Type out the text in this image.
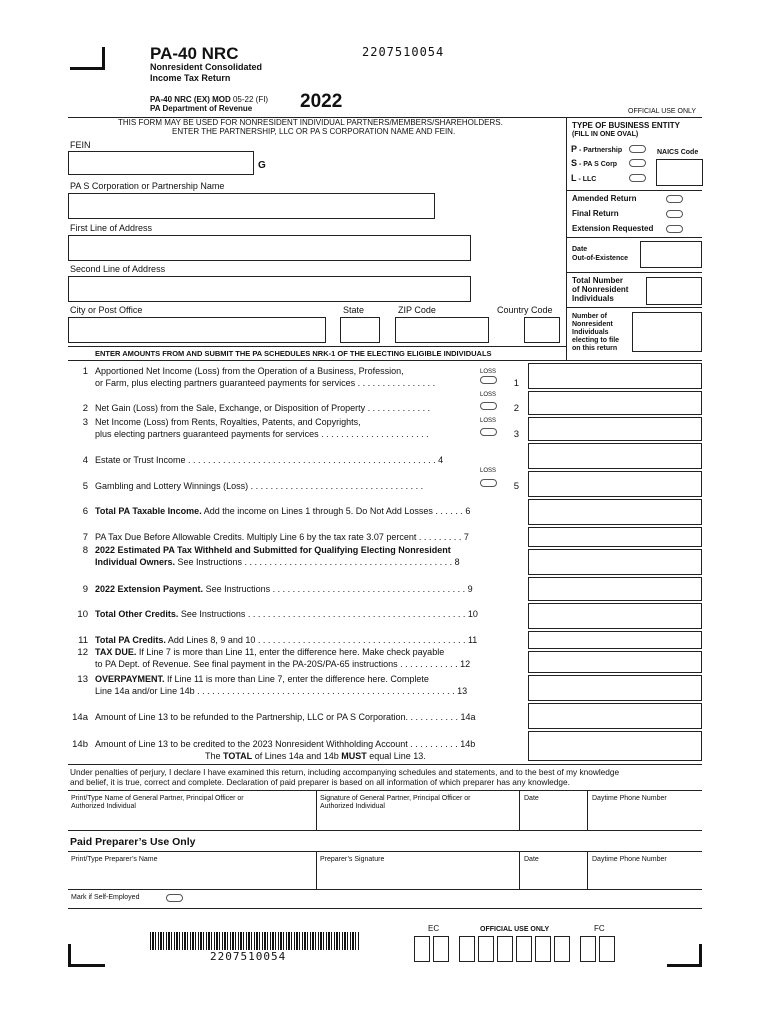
2207510054
PA-40 NRC
Nonresident Consolidated
Income Tax Return
PA-40 NRC (EX) MOD 05-22 (FI)
PA Department of Revenue	2022	OFFICIAL USE ONLY
THIS FORM MAY BE USED FOR NONRESIDENT INDIVIDUAL PARTNERS/MEMBERS/SHAREHOLDERS.
ENTER THE PARTNERSHIP, LLC OR PA S CORPORATION NAME AND FEIN.
FEIN
G
PA S Corporation or Partnership Name
First Line of Address
Second Line of Address
City or Post Office	State	ZIP Code	Country Code
TYPE OF BUSINESS ENTITY
(FILL IN ONE OVAL)
P - Partnership	NAICS Code
S - PA S Corp
L - LLC
Amended Return
Final Return
Extension Requested
Date
Out-of-Existence
Total Number
of Nonresident
Individuals
Number of
Nonresident
Individuals
electing to file
on this return
ENTER AMOUNTS FROM AND SUBMIT THE PA SCHEDULES NRK-1 OF THE ELECTING ELIGIBLE INDIVIDUALS
1 Apportioned Net Income (Loss) from the Operation of a Business, Profession,
or Farm, plus electing partners guaranteed payments for services . . . . . . . . . . . . . . . .
LOSS
1
LOSS
2 Net Gain (Loss) from the Sale, Exchange, or Disposition of Property . . . . . . . . . . . . .	2
3 Net Income (Loss) from Rents, Royalties, Patents, and Copyrights,
plus electing partners guaranteed payments for services . . . . . . . . . . . . . . . . . . . . . .
LOSS
3
4 Estate or Trust Income . . . . . . . . . . . . . . . . . . . . . . . . . . . . . . . . . . . . . . . . . . . . . . . . . . 4
LOSS
5 Gambling and Lottery Winnings (Loss) . . . . . . . . . . . . . . . . . . . . . . . . . . . . . . . . . . .	5
6 Total PA Taxable Income. Add the income on Lines 1 through 5. Do Not Add Losses . . . . . . 6
7 PA Tax Due Before Allowable Credits. Multiply Line 6 by the tax rate 3.07 percent . . . . . . . . . 7
8 2022 Estimated PA Tax Withheld and Submitted for Qualifying Electing Nonresident
Individual Owners. See Instructions . . . . . . . . . . . . . . . . . . . . . . . . . . . . . . . . . . . . . . . . . . 8
9 2022 Extension Payment. See Instructions . . . . . . . . . . . . . . . . . . . . . . . . . . . . . . . . . . . . . . . 9
10 Total Other Credits. See Instructions . . . . . . . . . . . . . . . . . . . . . . . . . . . . . . . . . . . . . . . . . . . . 10
11 Total PA Credits. Add Lines 8, 9 and 10 . . . . . . . . . . . . . . . . . . . . . . . . . . . . . . . . . . . . . . . . . . 11
12 TAX DUE. If Line 7 is more than Line 11, enter the difference here. Make check payable
to PA Dept. of Revenue. See final payment in the PA-20S/PA-65 instructions . . . . . . . . . . . . 12
13 OVERPAYMENT. If Line 11 is more than Line 7, enter the difference here. Complete
Line 14a and/or Line 14b . . . . . . . . . . . . . . . . . . . . . . . . . . . . . . . . . . . . . . . . . . . . . . . . . . . . 13
14a Amount of Line 13 to be refunded to the Partnership, LLC or PA S Corporation. . . . . . . . . . . 14a
14b Amount of Line 13 to be credited to the 2023 Nonresident Withholding Account . . . . . . . . . . 14b
The TOTAL of Lines 14a and 14b MUST equal Line 13.
Under penalties of perjury, I declare I have examined this return, including accompanying schedules and statements, and to the best of my knowledge
and belief, it is true, correct and complete. Declaration of paid preparer is based on all information of which preparer has any knowledge.
Print/Type Name of General Partner, Principal Officer or
Authorized Individual
Signature of General Partner, Principal Officer or
Authorized Individual
Date	Daytime Phone Number
Paid Preparer’s Use Only
Print/Type Preparer’s Name	Preparer’s Signature	Date	Daytime Phone Number
Mark if Self-Employed
2207510054
EC	OFFICIAL USE ONLY	FC
